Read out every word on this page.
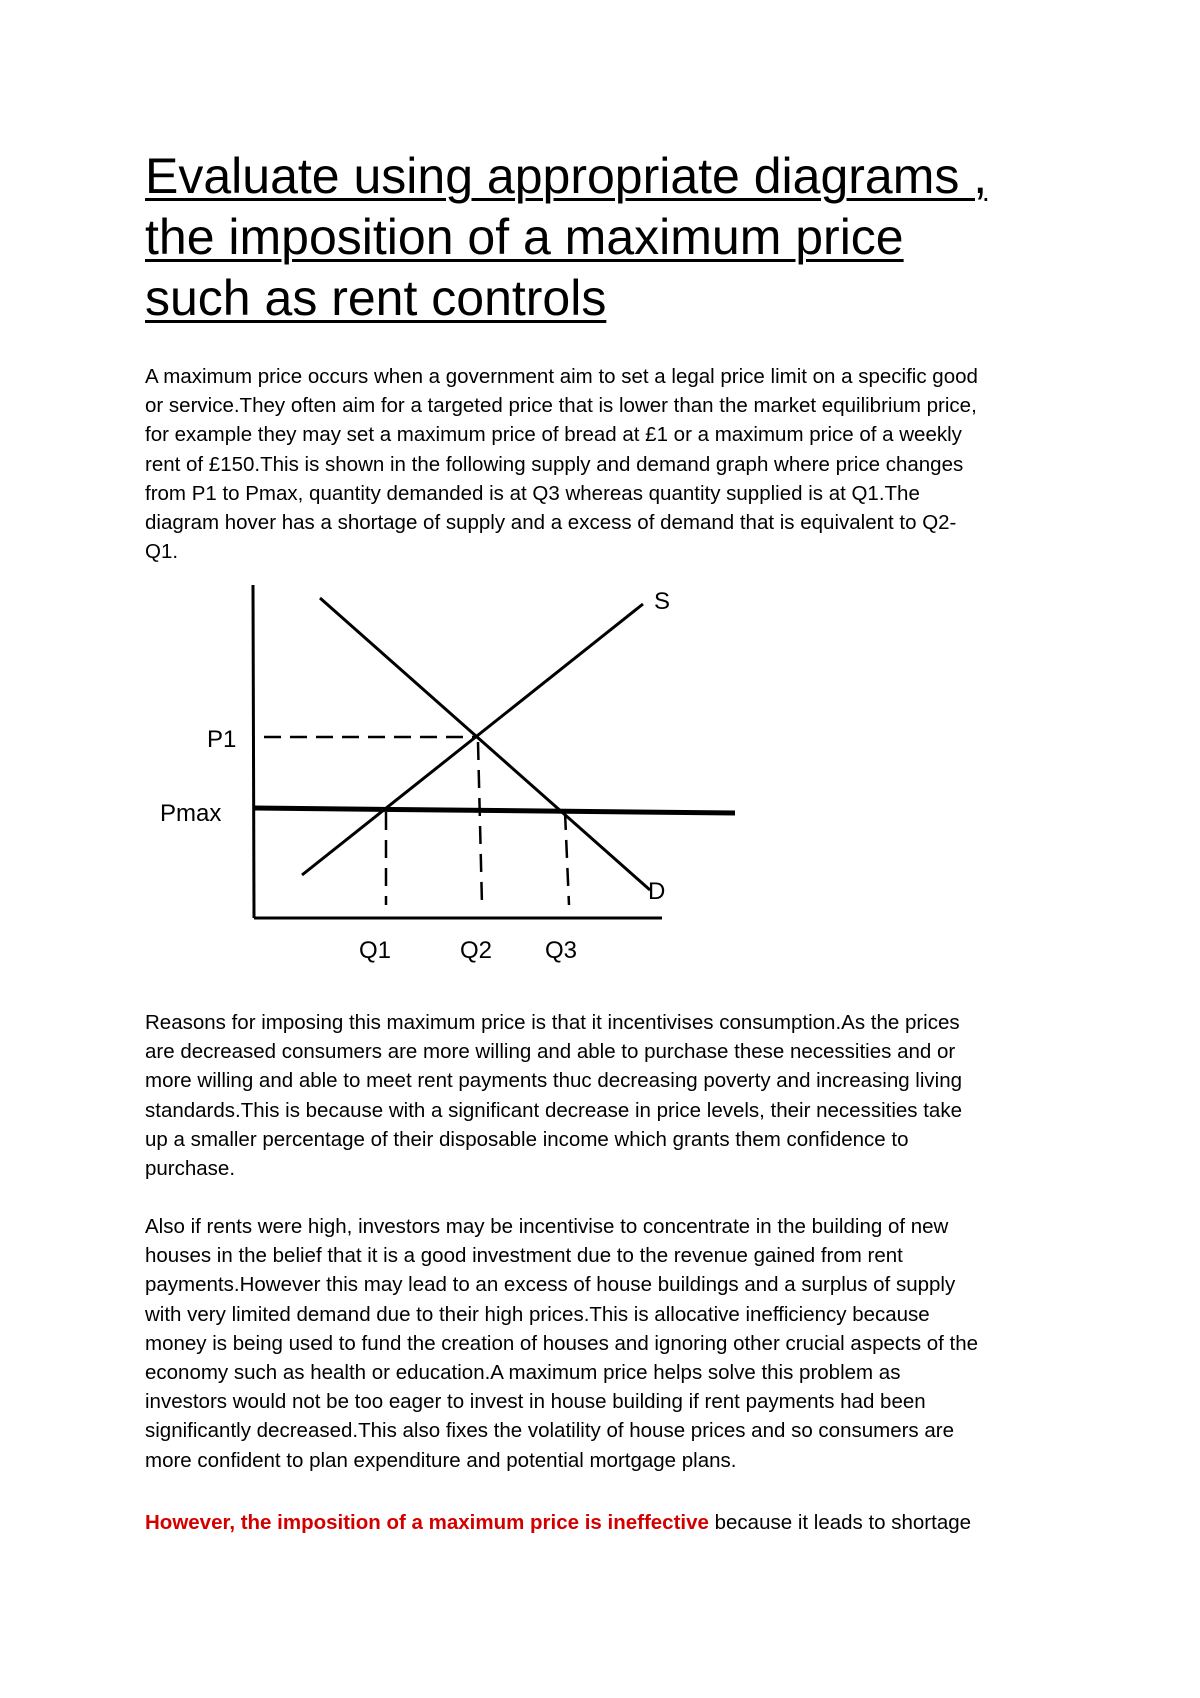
Evaluate using appropriate diagrams ,
the imposition of a maximum price
such as rent controls

A maximum price occurs when a government aim to set a legal price limit on a specific good
or service.They often aim for a targeted price that is lower than the market equilibrium price,
for example they may set a maximum price of bread at £1 or a maximum price of a weekly
rent of £150.This is shown in the following supply and demand graph where price changes
from P1 to Pmax, quantity demanded is at Q3 whereas quantity supplied is at Q1.The
diagram hover has a shortage of supply and a excess of demand that is equivalent to Q2-
Q1.

S
D
P1
Pmax
Q1	Q2 Q3

Reasons for imposing this maximum price is that it incentivises consumption.As the prices
are decreased consumers are more willing and able to purchase these necessities and or
more willing and able to meet rent payments thuc decreasing poverty and increasing living
standards.This is because with a significant decrease in price levels, their necessities take
up a smaller percentage of their disposable income which grants them confidence to
purchase.

Also if rents were high, investors may be incentivise to concentrate in the building of new
houses in the belief that it is a good investment due to the revenue gained from rent
payments.However this may lead to an excess of house buildings and a surplus of supply
with very limited demand due to their high prices.This is allocative inefficiency because
money is being used to fund the creation of houses and ignoring other crucial aspects of the
economy such as health or education.A maximum price helps solve this problem as
investors would not be too eager to invest in house building if rent payments had been
significantly decreased.This also fixes the volatility of house prices and so consumers are
more confident to plan expenditure and potential mortgage plans.

However, the imposition of a maximum price is ineffective because it leads to shortage
